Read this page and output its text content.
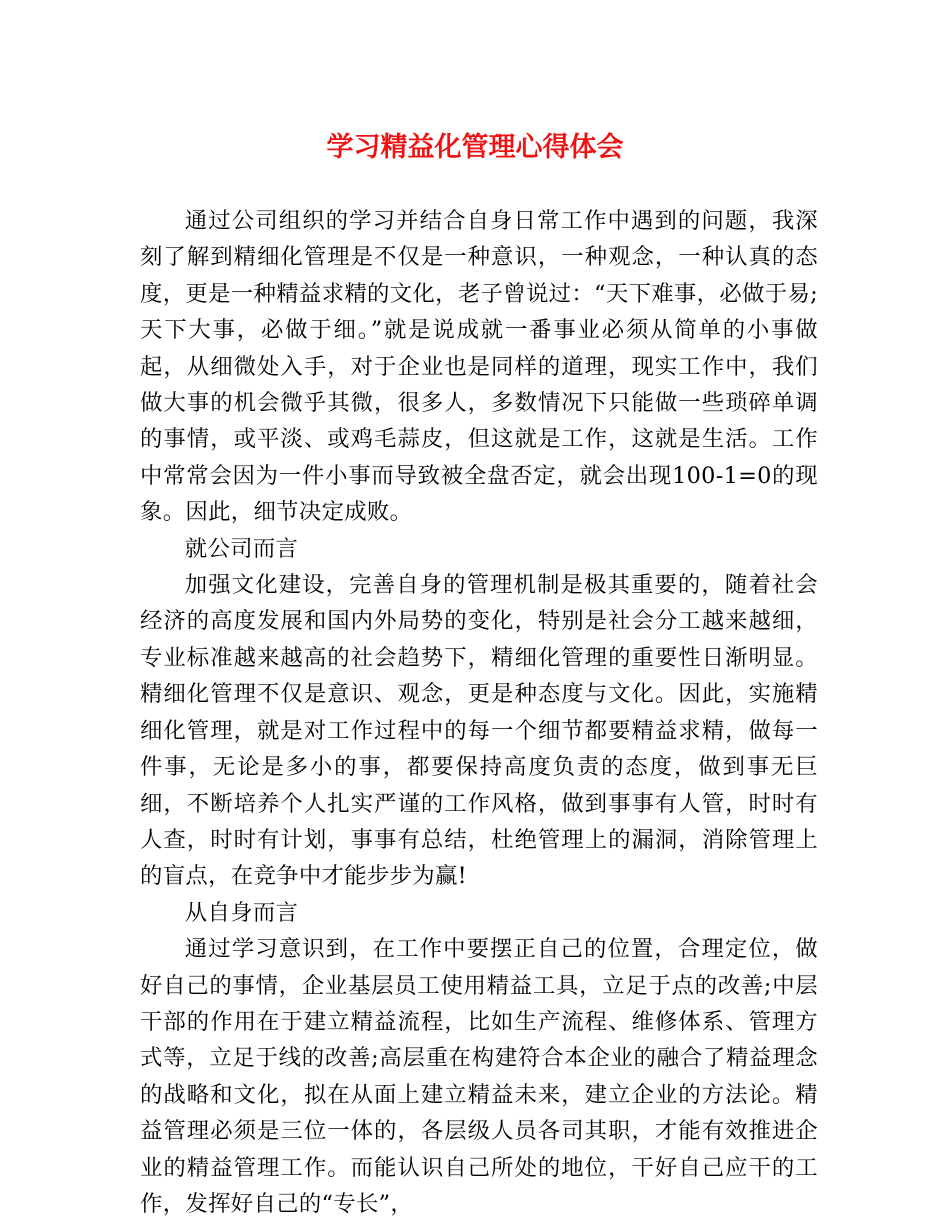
学习精益化管理心得体会

通过公司组织的学习并结合自身日常工作中遇到的问题，我深刻了解到精细化管理是不仅是一种意识，一种观念，一种认真的态度，更是一种精益求精的文化，老子曾说过：“天下难事，必做于易;天下大事，必做于细。”就是说成就一番事业必须从简单的小事做起，从细微处入手，对于企业也是同样的道理，现实工作中，我们做大事的机会微乎其微，很多人，多数情况下只能做一些琐碎单调的事情，或平淡、或鸡毛蒜皮，但这就是工作，这就是生活。工作中常常会因为一件小事而导致被全盘否定，就会出现100-1=0的现象。因此，细节决定成败。

就公司而言

加强文化建设，完善自身的管理机制是极其重要的，随着社会经济的高度发展和国内外局势的变化，特别是社会分工越来越细，专业标准越来越高的社会趋势下，精细化管理的重要性日渐明显。精细化管理不仅是意识、观念，更是种态度与文化。因此，实施精细化管理，就是对工作过程中的每一个细节都要精益求精，做每一件事，无论是多小的事，都要保持高度负责的态度，做到事无巨细，不断培养个人扎实严谨的工作风格，做到事事有人管，时时有人查，时时有计划，事事有总结，杜绝管理上的漏洞，消除管理上的盲点，在竞争中才能步步为赢!

从自身而言

通过学习意识到，在工作中要摆正自己的位置，合理定位，做好自己的事情，企业基层员工使用精益工具，立足于点的改善;中层干部的作用在于建立精益流程，比如生产流程、维修体系、管理方式等，立足于线的改善;高层重在构建符合本企业的融合了精益理念的战略和文化，拟在从面上建立精益未来，建立企业的方法论。精益管理必须是三位一体的，各层级人员各司其职，才能有效推进企业的精益管理工作。而能认识自己所处的地位，干好自己应干的工作，发挥好自己的“专长”，
